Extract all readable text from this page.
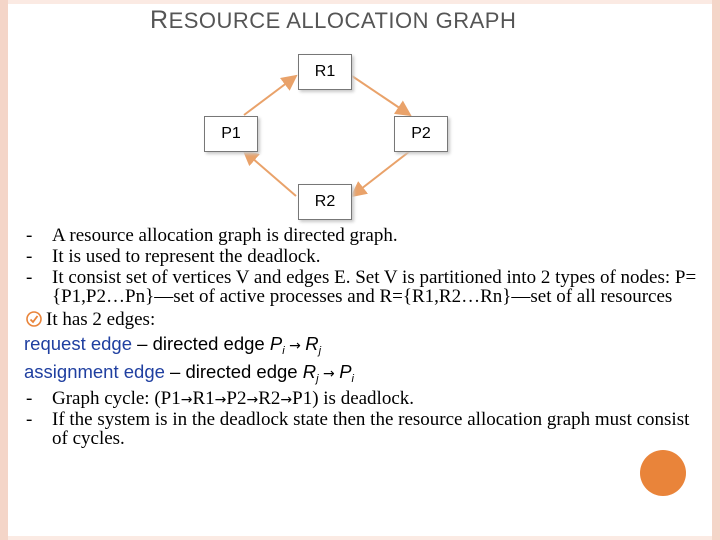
RESOURCE ALLOCATION GRAPH
R1
P1	P2
R2
-	A resource allocation graph is directed graph.
-	It is used to represent the deadlock.
-	It consist set of vertices V and edges E. Set V is partitioned into 2 types of nodes: P={P1,P2…Pn}—set of active processes and R={R1,R2…Rn}—set of all resources
It has 2 edges:

request edge – directed edge $P_i \to R_j$

assignment edge – directed edge $R_j \to P_i$

-	Graph cycle: (P1→R1→P2→R2→P1) is deadlock.
-	If the system is in the deadlock state then the resource allocation graph must consist of cycles.
